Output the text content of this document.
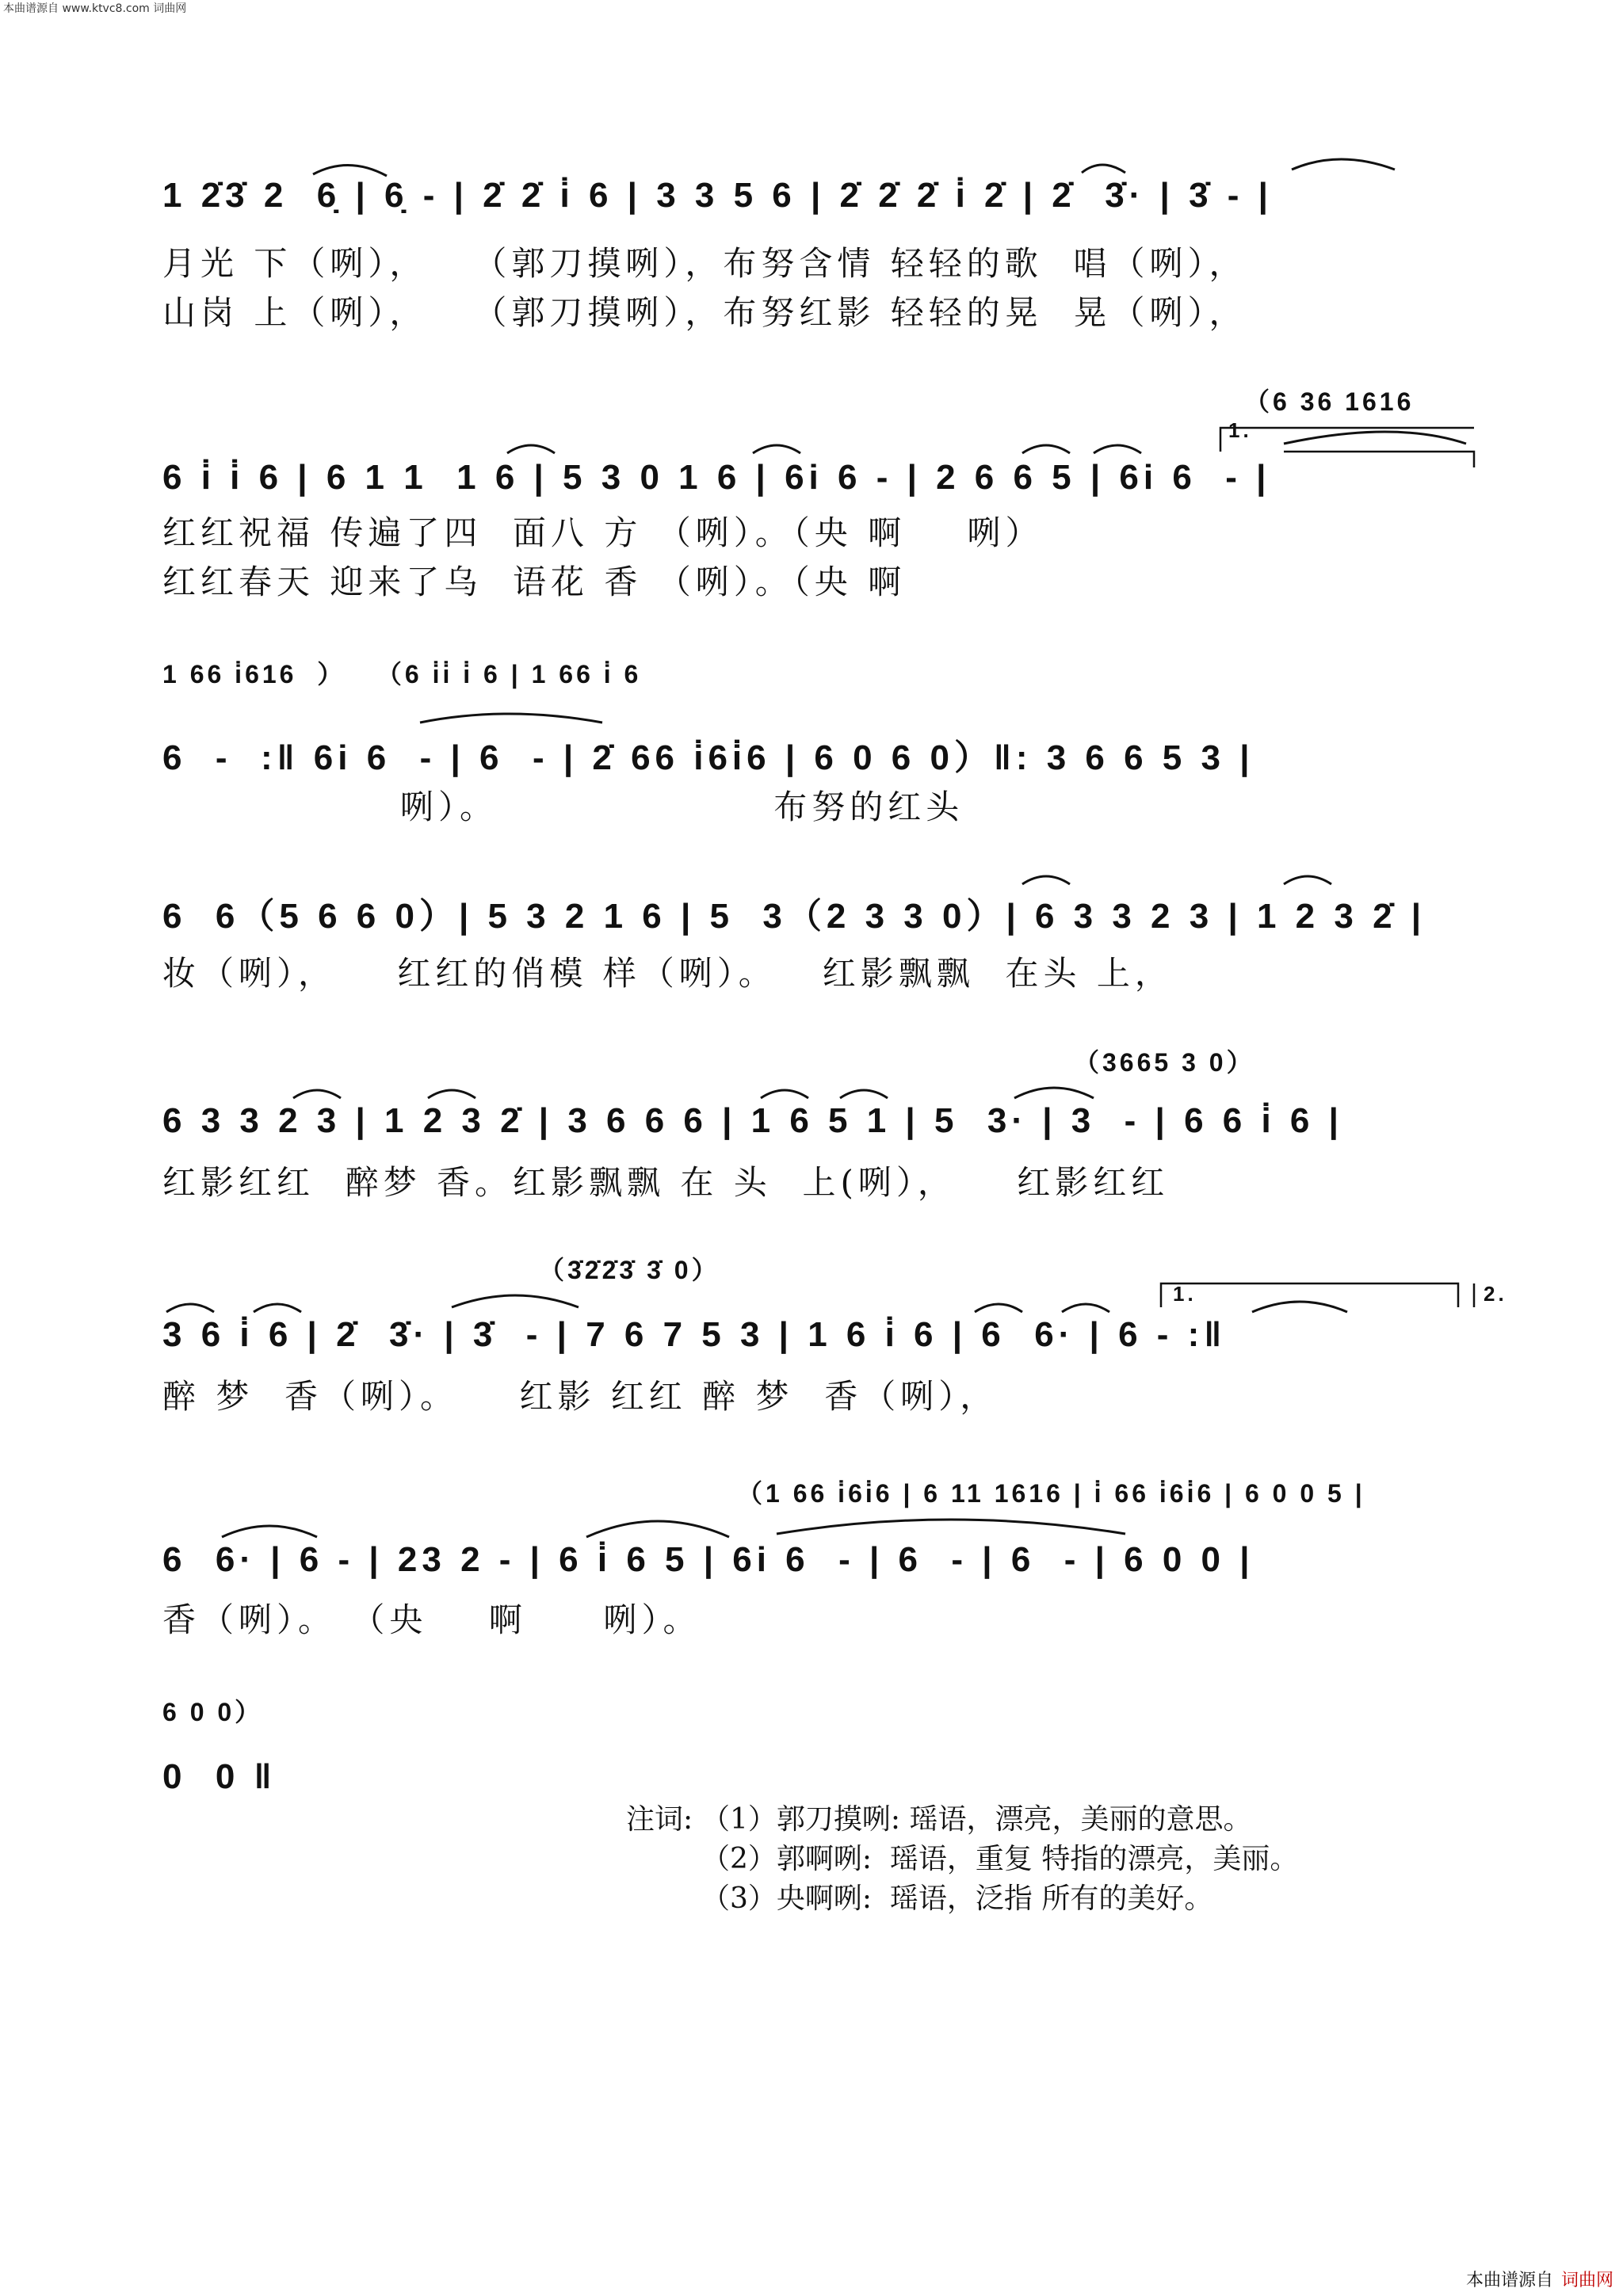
本曲谱源自 www.ktvc8.com 词曲网
1 2̇3̇ 2  6̣ | 6̣ - | 2̇ 2̇ i̇ 6 | 3 3 5 6 | 2̇ 2̇ 2̇ i̇ 2̇ | 2̇  3̇· | 3̇ - |
月光 下（咧），   （郭刀摸咧），布努含情 轻轻的歌  唱（咧），
山岗 上（咧），   （郭刀摸咧），布努红影 轻轻的晃  晃（咧），
（6 36 1616
1.
6 i̇ i̇ 6 | 6 1 1  1 6 | 5 3 0 1 6 | 6i 6 - | 2 6 6 5 | 6i 6  - |
红红祝福 传遍了四  面八 方 （咧）。（央 啊    咧）
红红春天 迎来了乌  语花 香 （咧）。（央 啊
1 66 i̇616  ）   （6 i̇i̇ i̇ 6 | 1 66 i̇ 6
6  -  :‖ 6i 6  - | 6  - | 2̇ 66 i̇6i̇6 | 6 0 6 0）‖: 3 6 6 5 3 |
咧）。                  布努的红头
6  6（5 6 6 0）| 5 3 2 1 6 | 5  3（2 3 3 0）| 6 3 3 2 3 | 1 2 3 2̇ |
妆（咧），    红红的俏模 样（咧）。   红影飘飘  在头 上，
（3665 3 0）
6 3 3 2 3 | 1 2 3 2̇ | 3 6 6 6 | 1 6 5 1 | 5  3· | 3  - | 6 6 i̇ 6 |
红影红红  醉梦 香。红影飘飘 在 头  上(咧），    红影红红
（3̇2̇2̇3̇ 3̇ 0）
1.	2.
3 6 i̇ 6 | 2̇  3̇· | 3̇  - | 7 6 7 5 3 | 1 6 i̇ 6 | 6  6· | 6 - :‖
醉 梦  香（咧）。    红影 红红 醉 梦  香（咧），
（1 66 i̇6i̇6 | 6 11 1616 | i̇ 66 i̇6i̇6 | 6 0 0 5 |
6  6· | 6 - | 23 2 - | 6 i̇ 6 5 | 6i 6  - | 6  - | 6  - | 6 0 0 |
香（咧）。 （央    啊     咧）。
6 0 0）
0  0 ‖
注词: （1）郭刀摸咧: 瑶语，漂亮，美丽的意思。
（2）郭啊咧:  瑶语，重复 特指的漂亮，美丽。
（3）央啊咧:  瑶语，泛指 所有的美好。

本曲谱源自 词曲网
